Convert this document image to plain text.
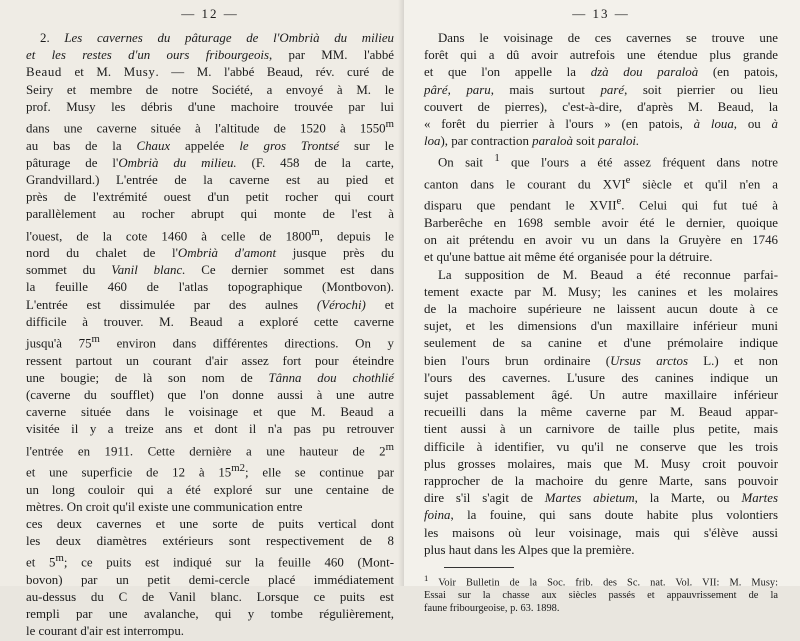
— 12 —
2. Les cavernes du pâturage de l'Ombrià du milieu
et les restes d'un ours fribourgeois, par MM. l'abbé
Beaud et M. Musy. — M. l'abbé Beaud, rév. curé de
Seiry et membre de notre Société, a envoyé à M. le
prof. Musy les débris d'une machoire trouvée par lui
dans une caverne située à l'altitude de 1520 à 1550$^m$
au bas de la Chaux appelée le gros Trontsé sur le
pâturage de l'Ombrià du milieu. (F. 458 de la carte,
Grandvillard.) L'entrée de la caverne est au pied et
près de l'extrémité ouest d'un petit rocher qui court
parallèlement au rocher abrupt qui monte de l'est à
l'ouest, de la cote 1460 à celle de 1800$^m$, depuis le
nord du chalet de l'Ombrià d'amont jusque près du
sommet du Vanil blanc. Ce dernier sommet est dans
la feuille 460 de l'atlas topographique (Montbovon).
L'entrée est dissimulée par des aulnes (Vérochi) et
difficile à trouver. M. Beaud a exploré cette caverne
jusqu'à 75$^m$ environ dans différentes directions. On y
ressent partout un courant d'air assez fort pour éteindre
une bougie; de là son nom de Tânna dou chothlié
(caverne du soufflet) que l'on donne aussi à une autre
caverne située dans le voisinage et que M. Beaud a
visitée il y a treize ans et dont il n'a pas pu retrouver
l'entrée en 1911. Cette dernière a une hauteur de 2$^m$
et une superficie de 12 à $15^{m2}$; elle se continue par
un long couloir qui a été exploré sur une centaine de
mètres. On croit qu'il existe une communication entre
ces deux cavernes et une sorte de puits vertical dont
les deux diamètres extérieurs sont respectivement de 8
et 5$^m$; ce puits est indiqué sur la feuille 460 (Mont-
bovon) par un petit demi-cercle placé immédiatement
au-dessus du C de Vanil blanc. Lorsque ce puits est
rempli par une avalanche, qui y tombe régulièrement,
le courant d'air est interrompu.
— 13 —
Dans le voisinage de ces cavernes se trouve une
forêt qui a dû avoir autrefois une étendue plus grande
et que l'on appelle la dzà dou paraloà (en patois,
pâré, paru, mais surtout paré, soit pierrier ou lieu
couvert de pierres), c'est-à-dire, d'après M. Beaud, la
« forêt du pierrier à l'ours » (en patois, à loua, ou à
loa), par contraction paraloà soit paraloi.
On sait $^1$ que l'ours a été assez fréquent dans notre
canton dans le courant du XVIe siècle et qu'il n'en a
disparu que pendant le XVIIe. Celui qui fut tué à
Barberêche en 1698 semble avoir été le dernier, quoique
on ait prétendu en avoir vu un dans la Gruyère en 1746
et qu'une battue ait même été organisée pour la détruire.
La supposition de M. Beaud a été reconnue parfai-
tement exacte par M. Musy; les canines et les molaires
de la machoire supérieure ne laissent aucun doute à ce
sujet, et les dimensions d'un maxillaire inférieur muni
seulement de sa canine et d'une prémolaire indique
bien l'ours brun ordinaire (Ursus arctos L.) et non
l'ours des cavernes. L'usure des canines indique un
sujet passablement âgé. Un autre maxillaire inférieur
recueilli dans la même caverne par M. Beaud appar-
tient aussi à un carnivore de taille plus petite, mais
difficile à identifier, vu qu'il ne conserve que les trois
plus grosses molaires, mais que M. Musy croit pouvoir
rapprocher de la machoire du genre Marte, sans pouvoir
dire s'il s'agit de Martes abietum, la Marte, ou Martes
foina, la fouine, qui sans doute habite plus volontiers
les maisons où leur voisinage, mais qui s'élève aussi
plus haut dans les Alpes que la première.
$^1$ Voir Bulletin de la Soc. frib. des Sc. nat. Vol. VII: M. Musy:
Essai sur la chasse aux siècles passés et appauvrissement de la
faune fribourgeoise, p. 63. 1898.
